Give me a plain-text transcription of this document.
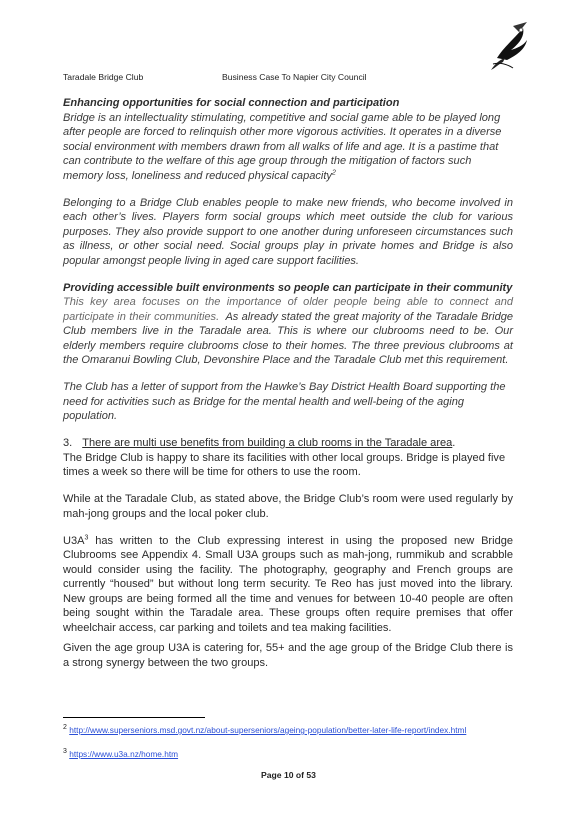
Taradale Bridge Club	Business Case To Napier City Council

Enhancing opportunities for social connection and participation

Bridge is an intellectuality stimulating, competitive and social game able to be played long after people are forced to relinquish other more vigorous activities. It operates in a diverse social environment with members drawn from all walks of life and age. It is a pastime that can contribute to the welfare of this age group through the mitigation of factors such memory loss, loneliness and reduced physical capacity$^2$

Belonging to a Bridge Club enables people to make new friends, who become involved in each other’s lives. Players form social groups which meet outside the club for various purposes. They also provide support to one another during unforeseen circumstances such as illness, or other social need. Social groups play in private homes and Bridge is also popular amongst people living in aged care support facilities.

Providing accessible built environments so people can participate in their community

This key area focuses on the importance of older people being able to connect and participate in their communities. As already stated the great majority of the Taradale Bridge Club members live in the Taradale area. This is where our clubrooms need to be. Our elderly members require clubrooms close to their homes. The three previous clubrooms at the Omaranui Bowling Club, Devonshire Place and the Taradale Club met this requirement.

The Club has a letter of support from the Hawke’s Bay District Health Board supporting the need for activities such as Bridge for the mental health and well-being of the aging population.

3. There are multi use benefits from building a club rooms in the Taradale area.

The Bridge Club is happy to share its facilities with other local groups. Bridge is played five times a week so there will be time for others to use the room.

While at the Taradale Club, as stated above, the Bridge Club’s room were used regularly by mah-jong groups and the local poker club.

$U3A^3$ has written to the Club expressing interest in using the proposed new Bridge Clubrooms see Appendix 4. Small U3A groups such as mah-jong, rummikub and scrabble would consider using the facility. The photography, geography and French groups are currently “housed” but without long term security. Te Reo has just moved into the library. New groups are being formed all the time and venues for between 10-40 people are often being sought within the Taradale area. These groups often require premises that offer wheelchair access, car parking and toilets and tea making facilities.

Given the age group U3A is catering for, 55+ and the age group of the Bridge Club there is a strong synergy between the two groups.

$^2$ http://www.superseniors.msd.govt.nz/about-superseniors/ageing-population/better-later-life-report/index.html
$^3$ https://www.u3a.nz/home.htm
Page 10 of 53
